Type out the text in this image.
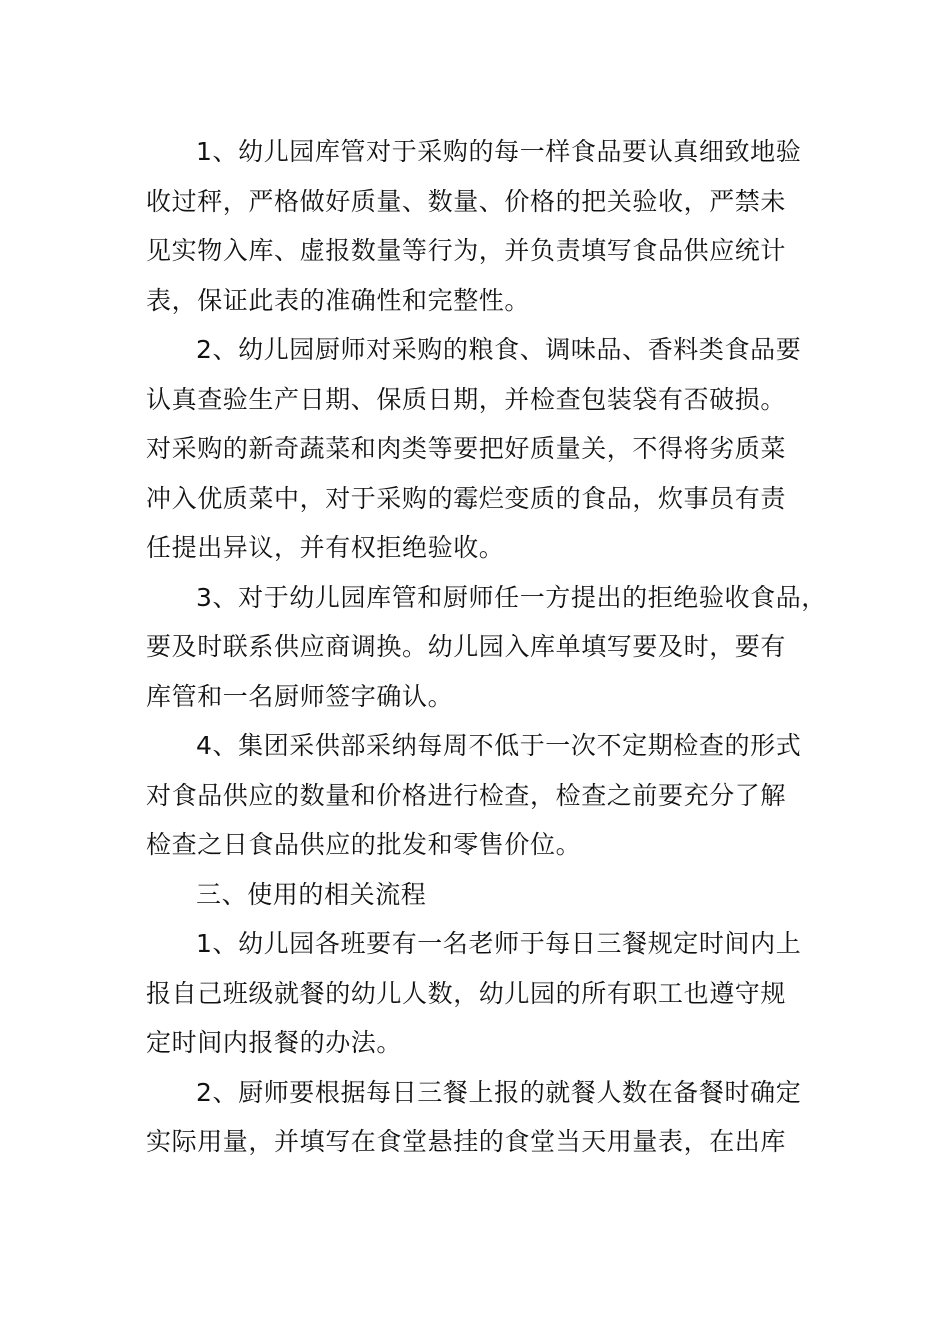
1、幼儿园库管对于采购的每一样食品要认真细致地验
收过秤，严格做好质量、数量、价格的把关验收，严禁未
见实物入库、虚报数量等行为，并负责填写食品供应统计
表，保证此表的准确性和完整性。
2、幼儿园厨师对采购的粮食、调味品、香料类食品要
认真查验生产日期、保质日期，并检查包装袋有否破损。
对采购的新奇蔬菜和肉类等要把好质量关，不得将劣质菜
冲入优质菜中，对于采购的霉烂变质的食品，炊事员有责
任提出异议，并有权拒绝验收。
3、对于幼儿园库管和厨师任一方提出的拒绝验收食品，
要及时联系供应商调换。幼儿园入库单填写要及时，要有
库管和一名厨师签字确认。
4、集团采供部采纳每周不低于一次不定期检查的形式
对食品供应的数量和价格进行检查，检查之前要充分了解
检查之日食品供应的批发和零售价位。
三、使用的相关流程
1、幼儿园各班要有一名老师于每日三餐规定时间内上
报自己班级就餐的幼儿人数，幼儿园的所有职工也遵守规
定时间内报餐的办法。
2、厨师要根据每日三餐上报的就餐人数在备餐时确定
实际用量，并填写在食堂悬挂的食堂当天用量表，在出库
